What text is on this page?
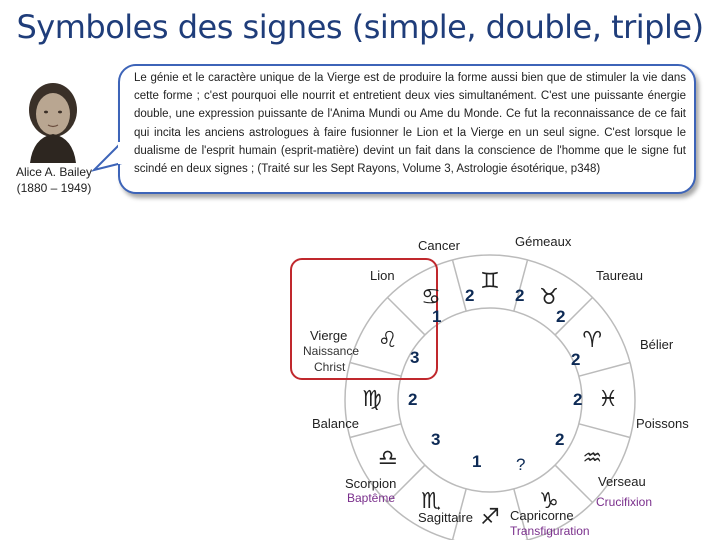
Symboles des signes (simple, double, triple)
Alice A. Bailey
(1880 – 1949)
Le génie et le caractère unique de la Vierge est de produire la forme aussi bien que de stimuler la vie dans cette forme ; c'est pourquoi elle nourrit et entretient deux vies simultanément. C'est une puissante énergie double, une expression puissante de l'Anima Mundi ou Ame du Monde. Ce fut la reconnaissance de ce fait qui incita les anciens astrologues à faire fusionner le Lion et la Vierge en un seul signe. C'est lorsque le dualisme de l'esprit humain (esprit-matière) devint un fait dans la conscience de l'homme que le signe fut scindé en deux signes ; (Traité sur les Sept Rayons, Volume 3, Astrologie ésotérique, p348)
Gémeaux
Cancer
Lion	Taureau
Vierge
Naissance
Christ
Bélier
Balance	Poissons
Scorpion
Baptême
Verseau
Crucifixion
Sagittaire	Capricorne
Transfiguration
♊
♉
♈
♓
♒
♑
♐
♏
♎
♍
♌
♋ 2 2
1	2
3	2
2	2
3	2
1 ?
